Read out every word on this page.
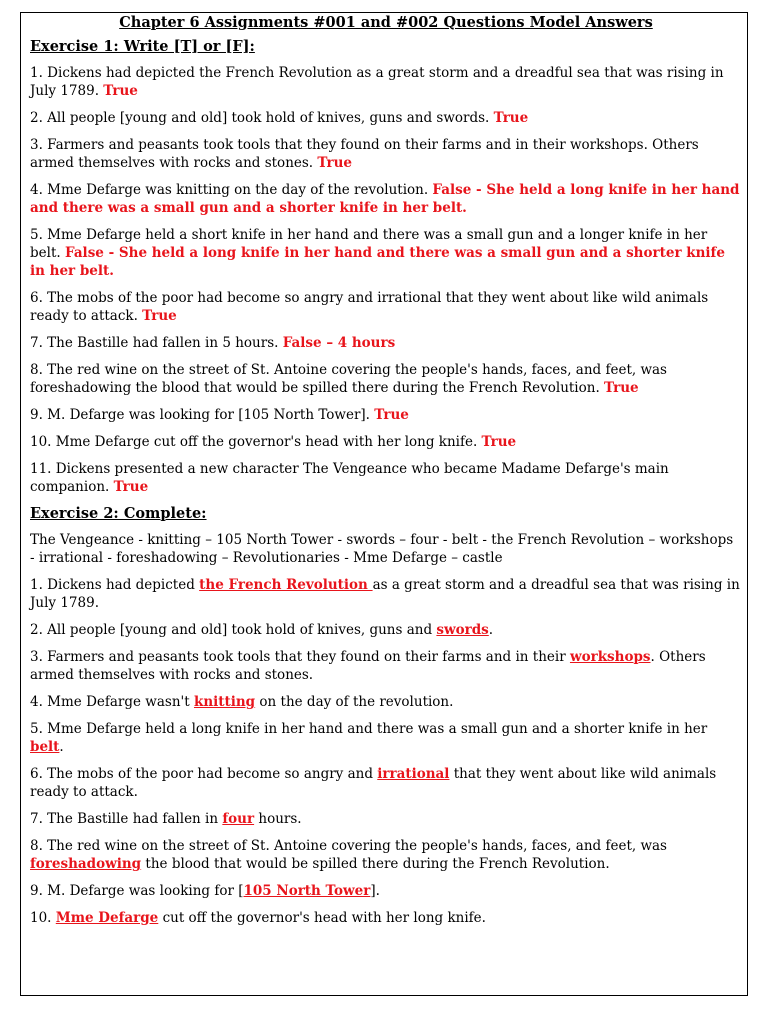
Chapter 6 Assignments #001 and #002 Questions Model Answers
Exercise 1: Write [T] or [F]:
1. Dickens had depicted the French Revolution as a great storm and a dreadful sea that was rising in July 1789. True
2. All people [young and old] took hold of knives, guns and swords. True
3. Farmers and peasants took tools that they found on their farms and in their workshops. Others armed themselves with rocks and stones. True
4. Mme Defarge was knitting on the day of the revolution. False - She held a long knife in her hand and there was a small gun and a shorter knife in her belt.
5. Mme Defarge held a short knife in her hand and there was a small gun and a longer knife in her belt. False - She held a long knife in her hand and there was a small gun and a shorter knife in her belt.
6. The mobs of the poor had become so angry and irrational that they went about like wild animals ready to attack. True
7. The Bastille had fallen in 5 hours. False – 4 hours
8. The red wine on the street of St. Antoine covering the people's hands, faces, and feet, was foreshadowing the blood that would be spilled there during the French Revolution. True
9. M. Defarge was looking for [105 North Tower]. True
10. Mme Defarge cut off the governor's head with her long knife. True
11. Dickens presented a new character The Vengeance who became Madame Defarge's main companion. True
Exercise 2: Complete:
The Vengeance - knitting – 105 North Tower - swords – four - belt - the French Revolution – workshops - irrational - foreshadowing – Revolutionaries - Mme Defarge – castle
1. Dickens had depicted the French Revolution as a great storm and a dreadful sea that was rising in July 1789.
2. All people [young and old] took hold of knives, guns and swords.
3. Farmers and peasants took tools that they found on their farms and in their workshops. Others armed themselves with rocks and stones.
4. Mme Defarge wasn't knitting on the day of the revolution.
5. Mme Defarge held a long knife in her hand and there was a small gun and a shorter knife in her belt.
6. The mobs of the poor had become so angry and irrational that they went about like wild animals ready to attack.
7. The Bastille had fallen in four hours.
8. The red wine on the street of St. Antoine covering the people's hands, faces, and feet, was foreshadowing the blood that would be spilled there during the French Revolution.
9. M. Defarge was looking for [105 North Tower].
10. Mme Defarge cut off the governor's head with her long knife.
